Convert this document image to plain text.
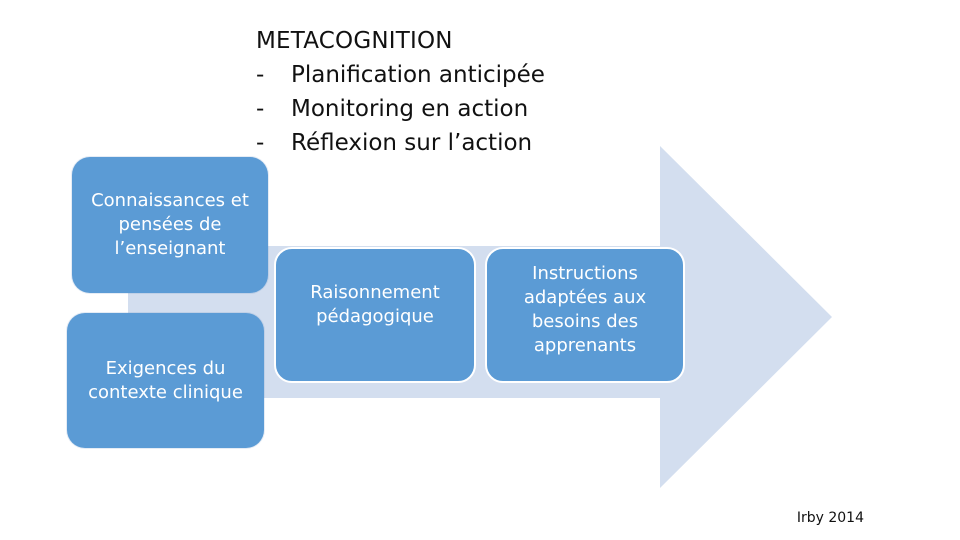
METACOGNITION
-	Planification anticipée
-	Monitoring en action
-	Réflexion sur l’action
Connaissances et pensées de l’enseignant
Exigences du contexte clinique
Raisonnement pédagogique
Instructions adaptées aux besoins des apprenants
Irby 2014
